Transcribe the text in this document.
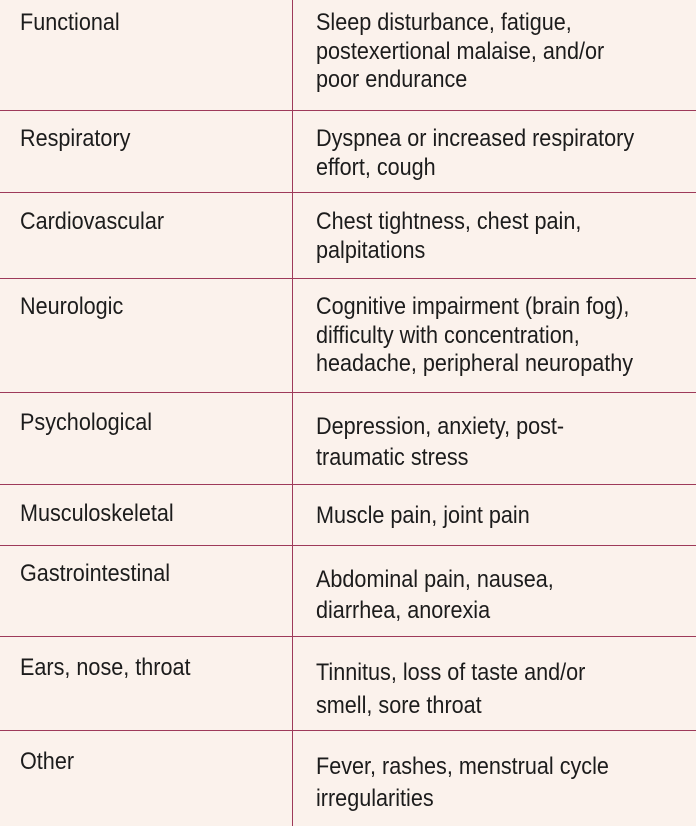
Functional	Sleep disturbance, fatigue,
postexertional malaise, and/or
poor endurance
Respiratory	Dyspnea or increased respiratory
effort, cough
Cardiovascular	Chest tightness, chest pain,
palpitations
Neurologic	Cognitive impairment (brain fog),
difficulty with concentration,
headache, peripheral neuropathy
Psychological	Depression, anxiety, post-
traumatic stress
Musculoskeletal	Muscle pain, joint pain
Gastrointestinal	Abdominal pain, nausea,
diarrhea, anorexia
Ears, nose, throat	Tinnitus, loss of taste and/or
smell, sore throat
Other	Fever, rashes, menstrual cycle
irregularities
